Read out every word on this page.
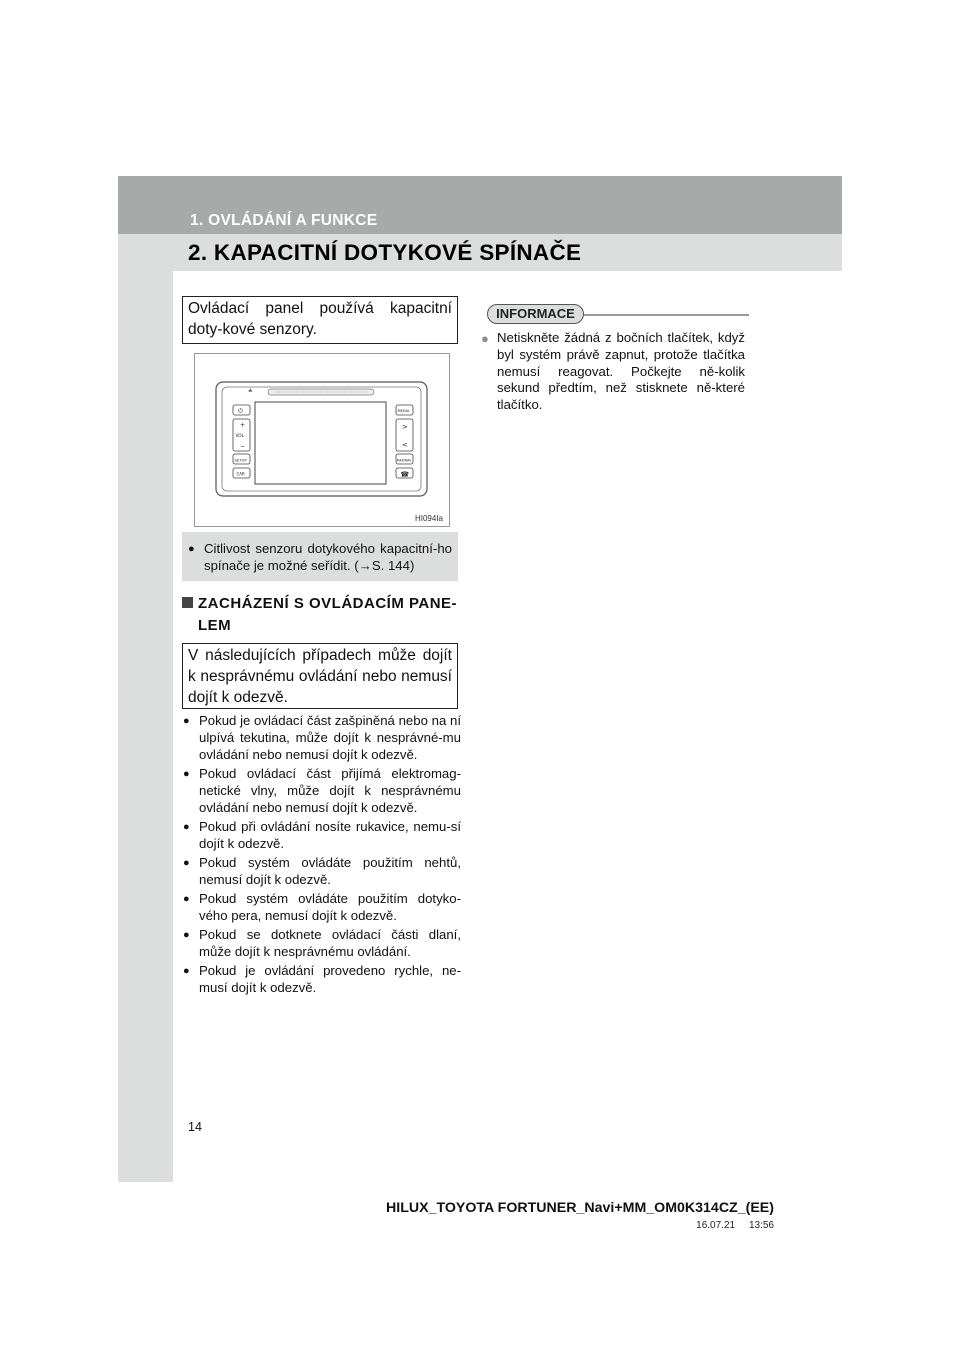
1. OVLÁDÁNÍ A FUNKCE
2. KAPACITNÍ DOTYKOVÉ SPÍNAČE
Ovládací panel používá kapacitní doty-kové senzory.
≜
⏻
+
VOL
−
SETUP
CAR
MEDIA
>
<
MAP/NAV
☎
HI094Ia
● Citlivost senzoru dotykového kapacitní-ho spínače je možné seřídit. (→S. 144)
ZACHÁZENÍ S OVLÁDACÍM PANE-LEM
V následujících případech může dojít k nesprávnému ovládání nebo nemusí dojít k odezvě.
● Pokud je ovládací část zašpiněná nebo na ní ulpívá tekutina, může dojít k nesprávné-mu ovládání nebo nemusí dojít k odezvě.
● Pokud ovládací část přijímá elektromag-netické vlny, může dojít k nesprávnému ovládání nebo nemusí dojít k odezvě.
● Pokud při ovládání nosíte rukavice, nemu-sí dojít k odezvě.
● Pokud systém ovládáte použitím nehtů, nemusí dojít k odezvě.
● Pokud systém ovládáte použitím dotyko-vého pera, nemusí dojít k odezvě.
● Pokud se dotknete ovládací části dlaní, může dojít k nesprávnému ovládání.
● Pokud je ovládání provedeno rychle, ne-musí dojít k odezvě.
INFORMACE
● Netiskněte žádná z bočních tlačítek, když byl systém právě zapnut, protože tlačítka nemusí reagovat. Počkejte ně-kolik sekund předtím, než stisknete ně-které tlačítko.
14
HILUX_TOYOTA FORTUNER_Navi+MM_OM0K314CZ_(EE)
16.07.21     13:56
